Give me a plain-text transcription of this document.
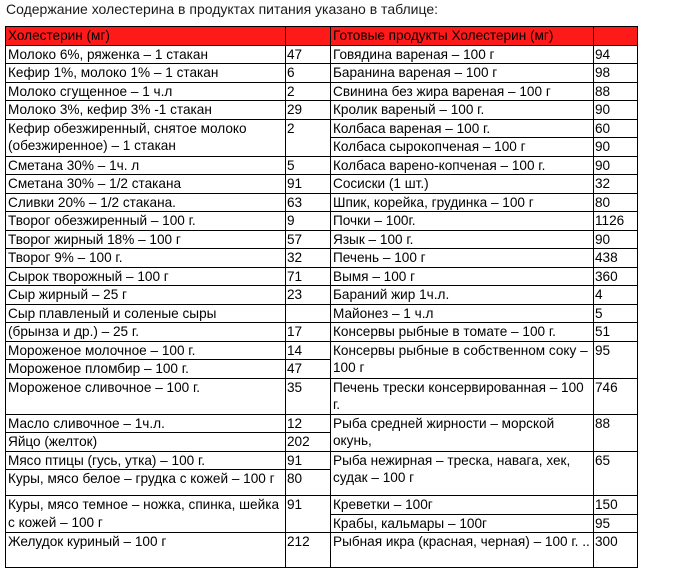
Содержание холестерина в продуктах питания указано в таблице:
Холестерин (мг)		Готовые продукты Холестерин (мг)	
Молоко 6%, ряженка – 1 стакан	47	Говядина вареная – 100 г	94
Кефир 1%, молоко 1% – 1 стакан	6	Баранина вареная – 100 г	98
Молоко сгущенное – 1 ч.л	2	Свинина без жира вареная – 100 г	88
Молоко 3%, кефир 3% -1 стакан	29	Кролик вареный – 100 г.	90
Кефир обезжиренный, снятое молоко (обезжиренное) – 1 стакан	2	Колбаса вареная – 100 г.	60
		Колбаса сырокопченая – 100 г	90
Сметана 30% – 1ч. л	5	Колбаса варено-копченая – 100 г.	90
Сметана 30% – 1/2 стакана	91	Сосиски (1 шт.)	32
Сливки 20% – 1/2 стакана.	63	Шпик, корейка, грудинка – 100 г	80
Творог обезжиренный – 100 г.	9	Почки – 100г.	1126
Творог жирный 18% – 100 г	57	Язык – 100 г.	90
Творог 9% – 100 г.	32	Печень – 100 г	438
Сырок творожный – 100 г	71	Вымя – 100 г	360
Сыр жирный – 25 г	23	Бараний жир 1ч.л.	4
Сыр плавленый и соленые сыры		Майонез – 1 ч.л	5
(брынза и др.) – 25 г.	17	Консервы рыбные в томате – 100 г.	51
Мороженое молочное – 100 г.	14	Консервы рыбные в собственном соку – 100 г	95
Мороженое пломбир – 100 г.	47		
Мороженое сливочное – 100 г.	35	Печень трески консервированная – 100 г.	746
Масло сливочное – 1ч.л.	12	Рыба средней жирности – морской окунь,	88
Яйцо (желток)	202		
Мясо птицы (гусь, утка) – 100 г.	91	Рыба нежирная – треска, навага, хек, судак – 100 г	65
Куры, мясо белое – грудка с кожей – 100 г	80		
Куры, мясо темное – ножка, спинка, шейка с кожей – 100 г	91	Креветки – 100г	150
		Крабы, кальмары – 100г	95
Желудок куриный – 100 г	212	Рыбная икра (красная, черная) – 100 г. ..	300
